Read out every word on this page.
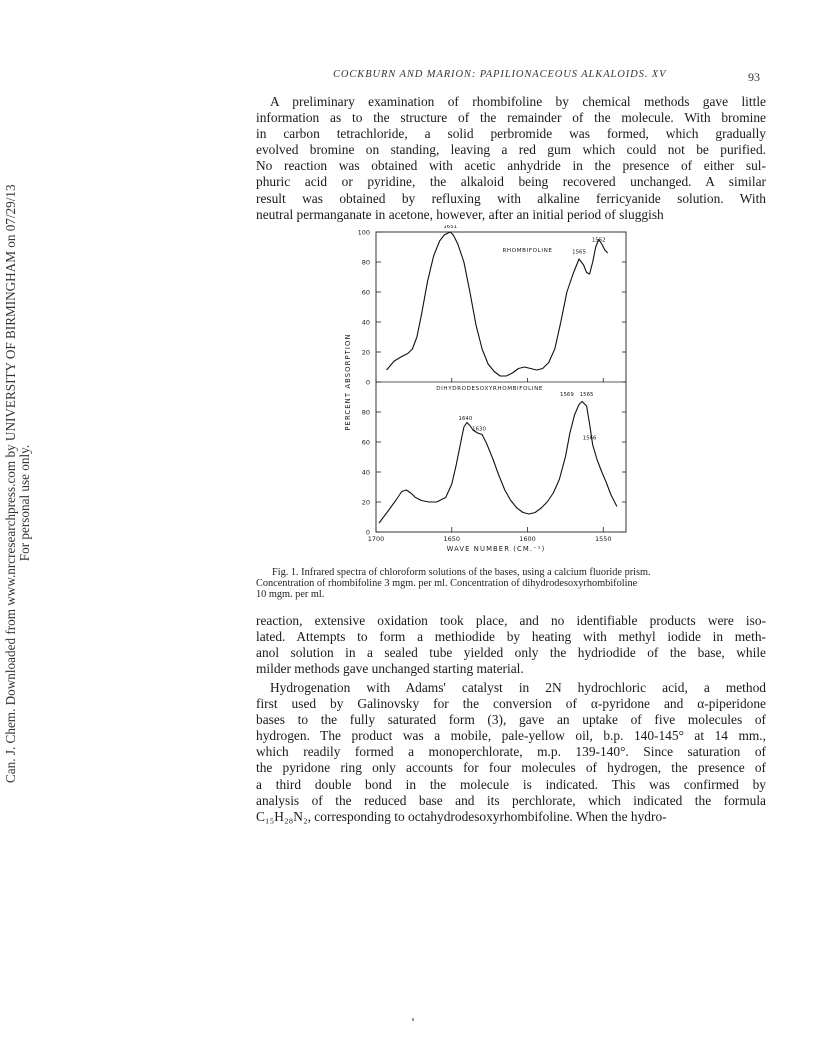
Can. J. Chem. Downloaded from www.nrcresearchpress.com by UNIVERSITY OF BIRMINGHAM on 07/29/13 For personal use only.
COCKBURN AND MARION: PAPILIONACEOUS ALKALOIDS. XV	93
A preliminary examination of rhombifoline by chemical methods gave little
information as to the structure of the remainder of the molecule. With bromine
in carbon tetrachloride, a solid perbromide was formed, which gradually
evolved bromine on standing, leaving a red gum which could not be purified.
No reaction was obtained with acetic anhydride in the presence of either sul-
phuric acid or pyridine, the alkaloid being recovered unchanged. A similar
result was obtained by refluxing with alkaline ferricyanide solution. With
neutral permanganate in acetone, however, after an initial period of sluggish
100
80
60
40
20
0
RHOMBIFOLINE
1651
1565
1552
80
60
40
20
0
DIHYDRODESOXYRHOMBIFOLINE
1640
1630
1569 1565
1566
1700	1650	1600	1550
WAVE NUMBER (CM.⁻¹)
PERCENT ABSORPTION
Fig. 1. Infrared spectra of chloroform solutions of the bases, using a calcium fluoride prism.
Concentration of rhombifoline 3 mgm. per ml. Concentration of dihydrodesoxyrhombifoline
10 mgm. per ml.
reaction, extensive oxidation took place, and no identifiable products were iso-
lated. Attempts to form a methiodide by heating with methyl iodide in meth-
anol solution in a sealed tube yielded only the hydriodide of the base, while
milder methods gave unchanged starting material.
Hydrogenation with Adams' catalyst in 2N hydrochloric acid, a method
first used by Galinovsky for the conversion of α-pyridone and α-piperidone
bases to the fully saturated form (3), gave an uptake of five molecules of
hydrogen. The product was a mobile, pale-yellow oil, b.p. 140-145° at 14 mm.,
which readily formed a monoperchlorate, m.p. 139-140°. Since saturation of
the pyridone ring only accounts for four molecules of hydrogen, the presence of
a third double bond in the molecule is indicated. This was confirmed by
analysis of the reduced base and its perchlorate, which indicated the formula
C₁₅H₂₈N₂, corresponding to octahydrodesoxyrhombifoline. When the hydro-
